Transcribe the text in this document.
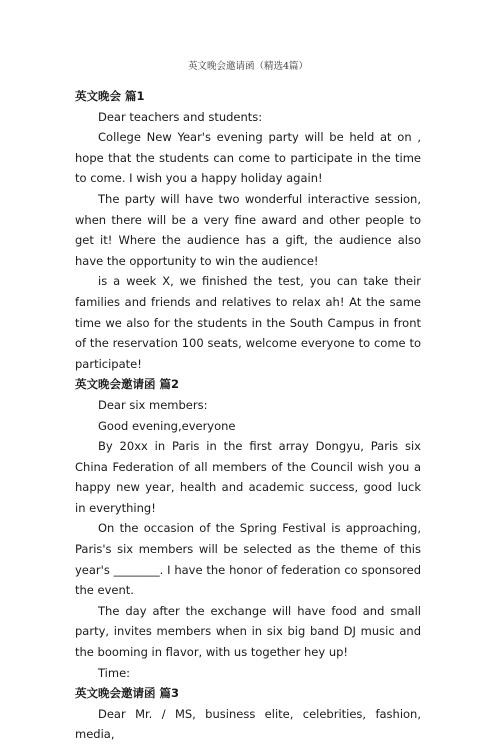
英文晚会邀请函（精选4篇）

英文晚会 篇1

Dear teachers and students:

College New Year's evening party will be held at on , hope that the students can come to participate in the time to come. I wish you a happy holiday again!

The party will have two wonderful interactive session, when there will be a very fine award and other people to get it! Where the audience has a gift, the audience also have the opportunity to win the audience!

is a week X, we finished the test, you can take their families and friends and relatives to relax ah! At the same time we also for the students in the South Campus in front of the reservation 100 seats, welcome everyone to come to participate!

英文晚会邀请函 篇2

Dear six members:

Good evening,everyone

By 20xx in Paris in the first array Dongyu, Paris six China Federation of all members of the Council wish you a happy new year, health and academic success, good luck in everything!

On the occasion of the Spring Festival is approaching, Paris's six members will be selected as the theme of this year's ________. I have the honor of federation co sponsored the event.

The day after the exchange will have food and small party, invites members when in six big band DJ music and the booming in flavor, with us together hey up!

Time:

英文晚会邀请函 篇3

Dear Mr. / MS, business elite, celebrities, fashion, media,
